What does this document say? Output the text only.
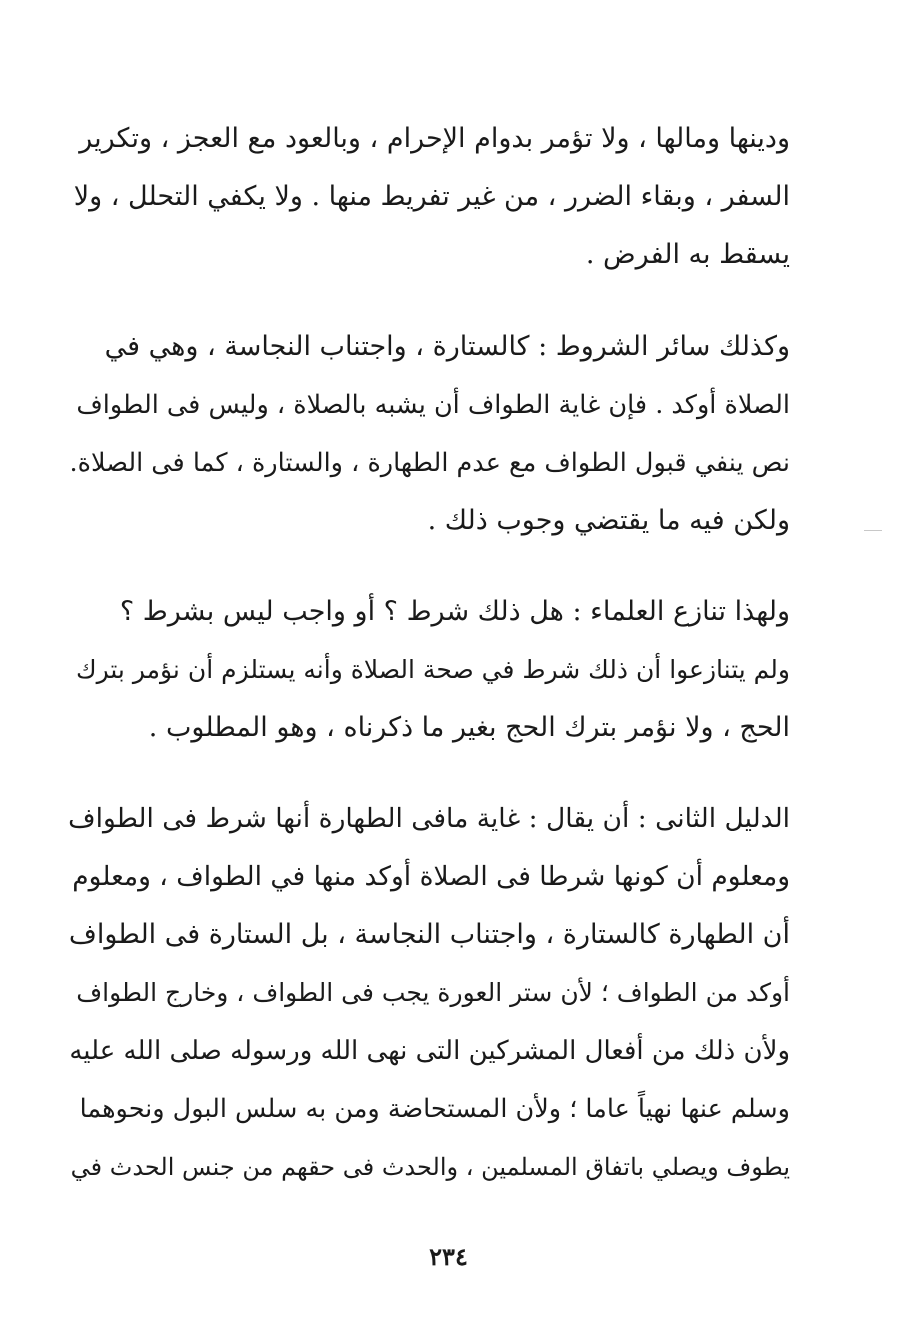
ودينها ومالها ، ولا تؤمر بدوام الإحرام ، وبالعود مع العجز ، وتكرير
السفر ، وبقاء الضرر ، من غير تفريط منها . ولا يكفي التحلل ، ولا
يسقط به الفرض .
وكذلك سائر الشروط : كالستارة ، واجتناب النجاسة ، وهي في
الصلاة أوكد . فإن غاية الطواف أن يشبه بالصلاة ، وليس فى الطواف
نص ينفي قبول الطواف مع عدم الطهارة ، والستارة ، كما فى الصلاة.
ولكن فيه ما يقتضي وجوب ذلك .
ولهذا تنازع العلماء : هل ذلك شرط ؟ أو واجب ليس بشرط ؟
ولم يتنازعوا أن ذلك شرط في صحة الصلاة وأنه يستلزم أن نؤمر بترك
الحج ، ولا نؤمر بترك الحج بغير ما ذكرناه ، وهو المطلوب .
الدليل الثانى : أن يقال : غاية مافى الطهارة أنها شرط فى الطواف
ومعلوم أن كونها شرطا فى الصلاة أوكد منها في الطواف ، ومعلوم
أن الطهارة كالستارة ، واجتناب النجاسة ، بل الستارة فى الطواف
أوكد من الطواف ؛ لأن ستر العورة يجب فى الطواف ، وخارج الطواف
ولأن ذلك من أفعال المشركين التى نهى الله ورسوله صلى الله عليه
وسلم عنها نهياً عاما ؛ ولأن المستحاضة ومن به سلس البول ونحوهما
يطوف ويصلي باتفاق المسلمين ، والحدث فى حقهم من جنس الحدث في
٢٣٤
